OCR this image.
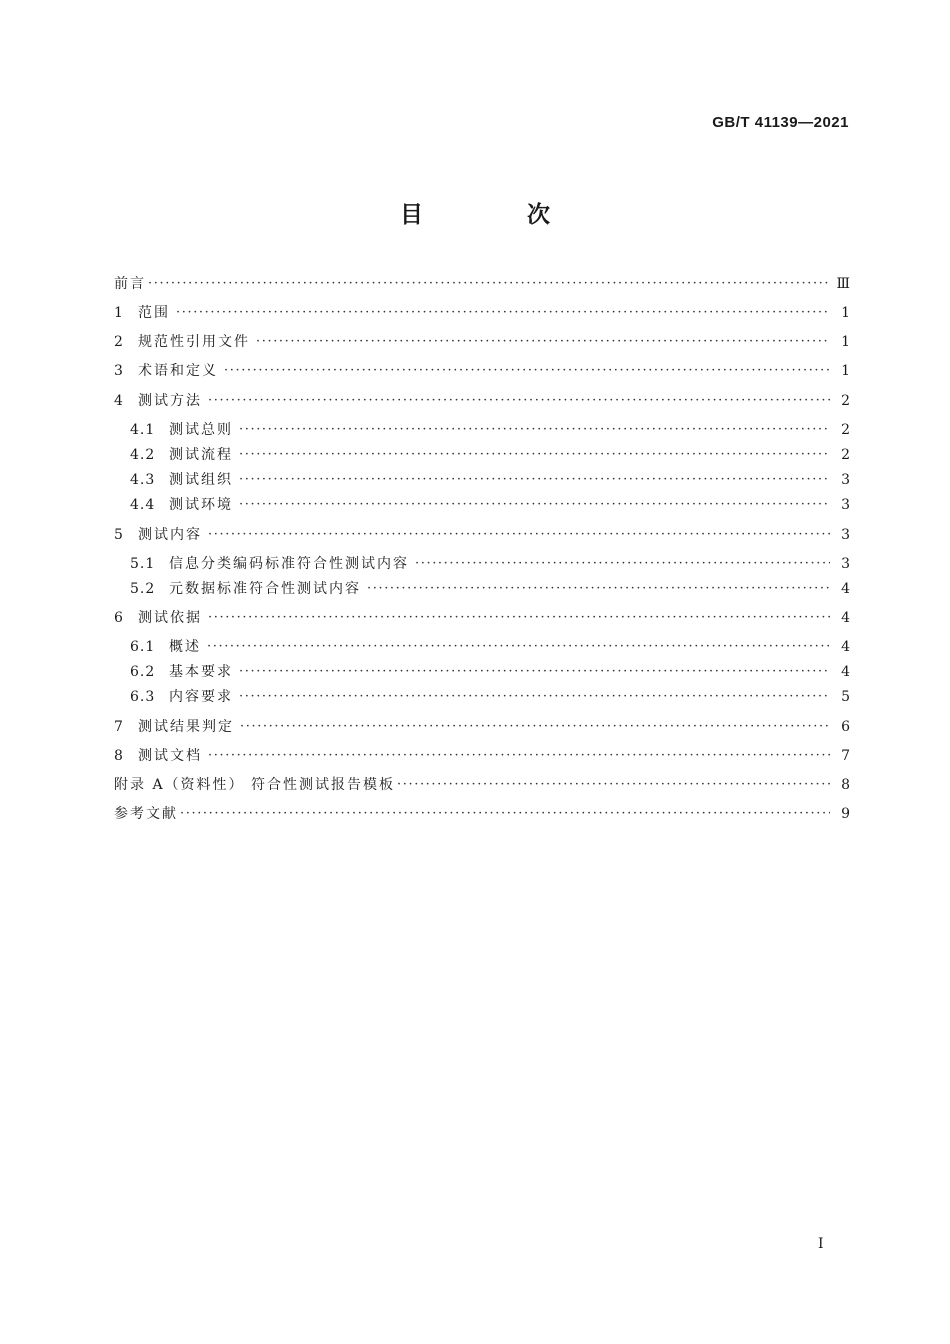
GB/T 41139—2021
目 次
前言 ·····	Ⅲ
1	范围 ·····	1
2	规范性引用文件 ·····	1
3	术语和定义 ·····	1
4	测试方法 ·····	2
4.1 测试总则 ·····	2
4.2 测试流程 ·····	2
4.3 测试组织 ·····	3
4.4 测试环境 ·····	3
5	测试内容 ·····	3
5.1 信息分类编码标准符合性测试内容 ·····	3
5.2 元数据标准符合性测试内容 ·····	4
6	测试依据 ·····	4
6.1 概述 ·····	4
6.2 基本要求 ·····	4
6.3 内容要求 ·····	5
7	测试结果判定 ·····	6
8	测试文档 ·····	7
附录 A（资料性） 符合性测试报告模板 ·····	8
参考文献 ·····	9
I
